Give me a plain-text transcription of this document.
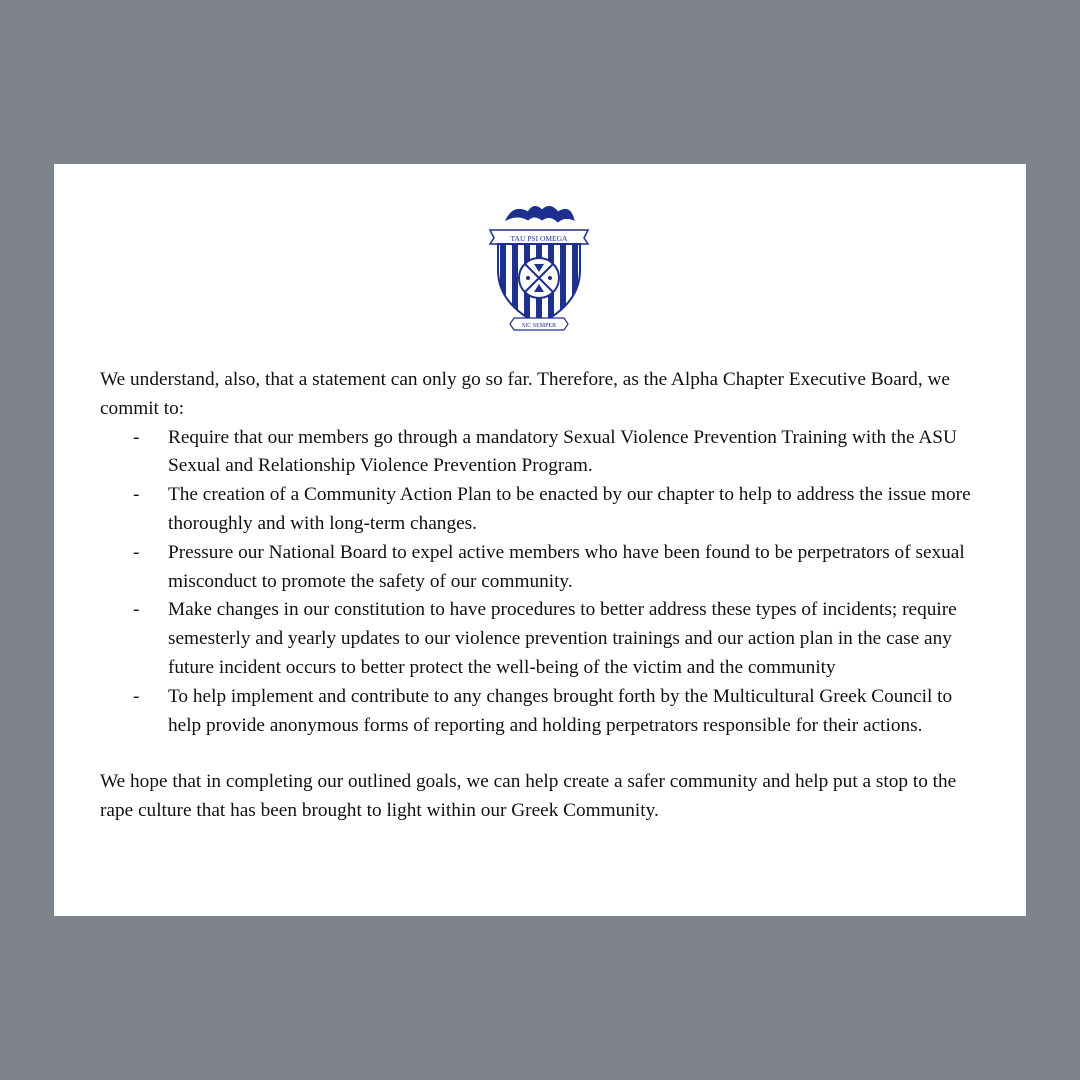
TAU PSI OMEGA
SIC SEMPER

We understand, also, that a statement can only go so far. Therefore, as the Alpha Chapter Executive Board, we commit to:

- Require that our members go through a mandatory Sexual Violence Prevention Training with the ASU Sexual and Relationship Violence Prevention Program.
- The creation of a Community Action Plan to be enacted by our chapter to help to address the issue more thoroughly and with long-term changes.
- Pressure our National Board to expel active members who have been found to be perpetrators of sexual misconduct to promote the safety of our community.
- Make changes in our constitution to have procedures to better address these types of incidents; require semesterly and yearly updates to our violence prevention trainings and our action plan in the case any future incident occurs to better protect the well-being of the victim and the community
- To help implement and contribute to any changes brought forth by the Multicultural Greek Council to help provide anonymous forms of reporting and holding perpetrators responsible for their actions.

We hope that in completing our outlined goals, we can help create a safer community and help put a stop to the rape culture that has been brought to light within our Greek Community.
